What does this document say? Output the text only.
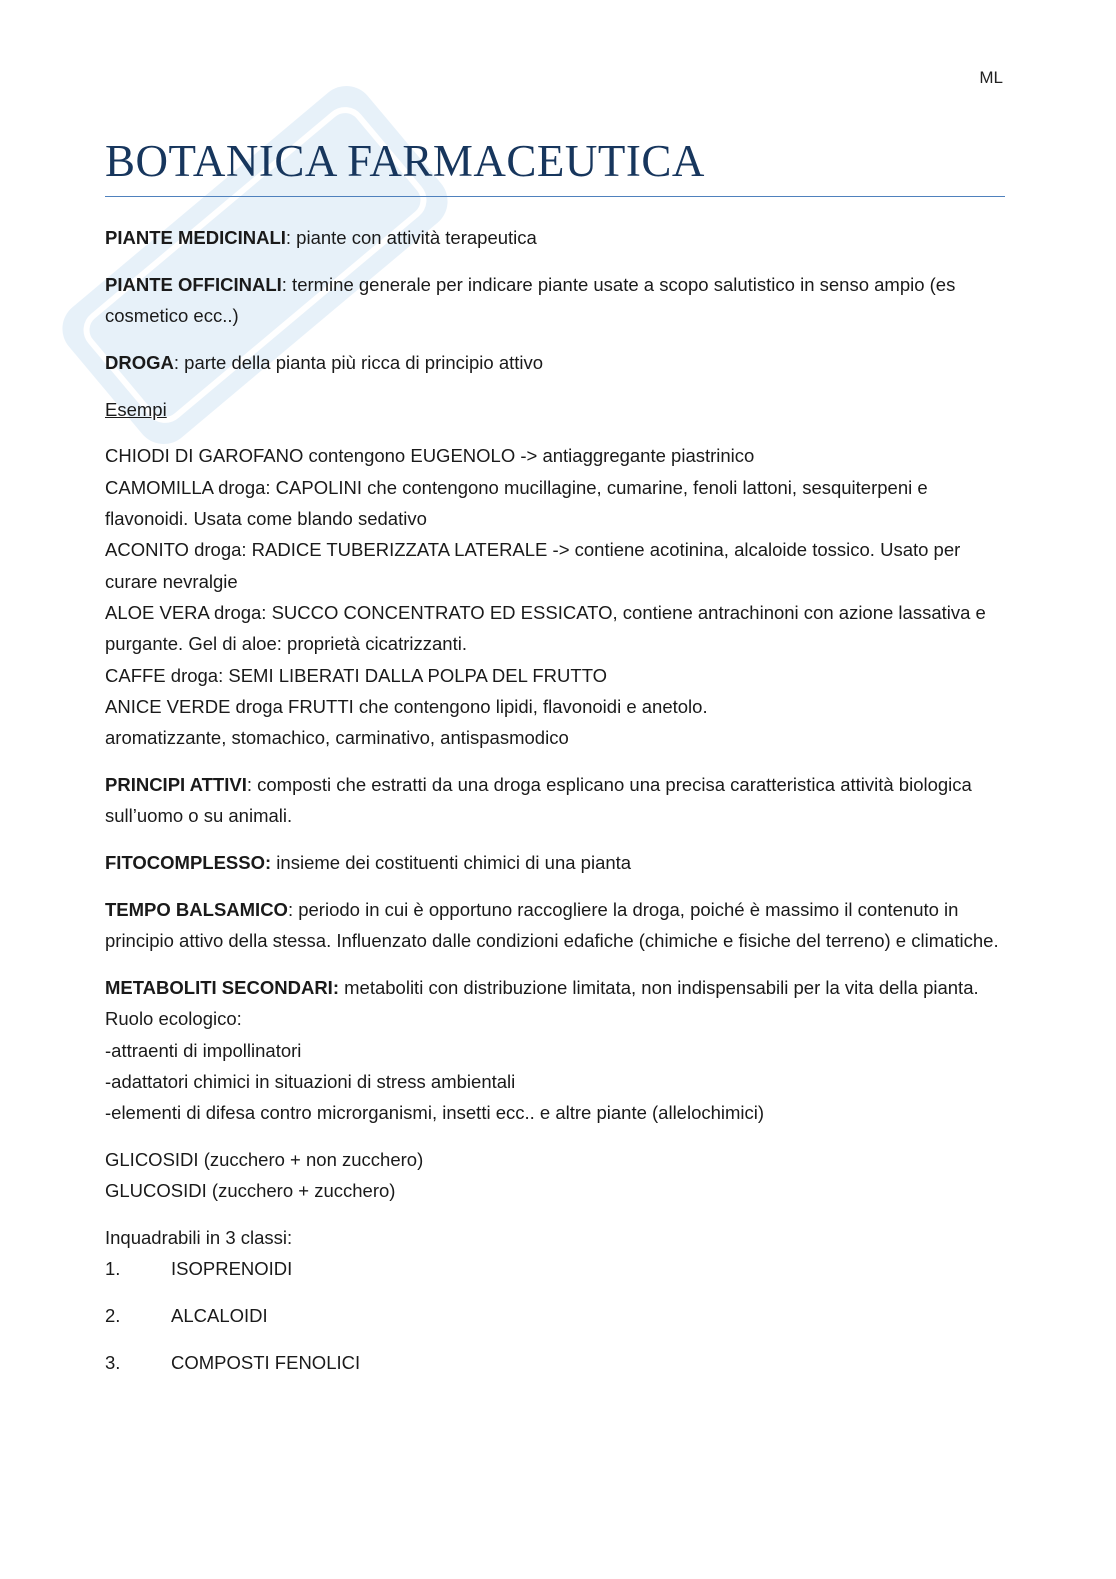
ML
BOTANICA FARMACEUTICA

PIANTE MEDICINALI: piante con attività terapeutica

PIANTE OFFICINALI: termine generale per indicare piante usate a scopo salutistico in senso ampio (es cosmetico ecc..)

DROGA: parte della pianta più ricca di principio attivo

Esempi

CHIODI DI GAROFANO contengono EUGENOLO -> antiaggregante piastrinico

CAMOMILLA droga: CAPOLINI che contengono mucillagine, cumarine, fenoli lattoni, sesquiterpeni e flavonoidi. Usata come blando sedativo

ACONITO droga: RADICE TUBERIZZATA LATERALE -> contiene acotinina, alcaloide tossico. Usato per curare nevralgie

ALOE VERA droga: SUCCO CONCENTRATO ED ESSICATO, contiene antrachinoni con azione lassativa e purgante. Gel di aloe: proprietà cicatrizzanti.

CAFFE droga: SEMI LIBERATI DALLA POLPA DEL FRUTTO

ANICE VERDE droga FRUTTI che contengono lipidi, flavonoidi e anetolo.

aromatizzante, stomachico, carminativo, antispasmodico

PRINCIPI ATTIVI: composti che estratti da una droga esplicano una precisa caratteristica attività biologica sull’uomo o su animali.

FITOCOMPLESSO: insieme dei costituenti chimici di una pianta

TEMPO BALSAMICO: periodo in cui è opportuno raccogliere la droga, poiché è massimo il contenuto in principio attivo della stessa. Influenzato dalle condizioni edafiche (chimiche e fisiche del terreno) e climatiche.

METABOLITI SECONDARI: metaboliti con distribuzione limitata, non indispensabili per la vita della pianta. Ruolo ecologico:

-attraenti di impollinatori

-adattatori chimici in situazioni di stress ambientali

-elementi di difesa contro microrganismi, insetti ecc.. e altre piante (allelochimici)

GLICOSIDI (zucchero + non zucchero)

GLUCOSIDI (zucchero + zucchero)

Inquadrabili in 3 classi:

1.	ISOPRENOIDI
2.	ALCALOIDI
3.	COMPOSTI FENOLICI
